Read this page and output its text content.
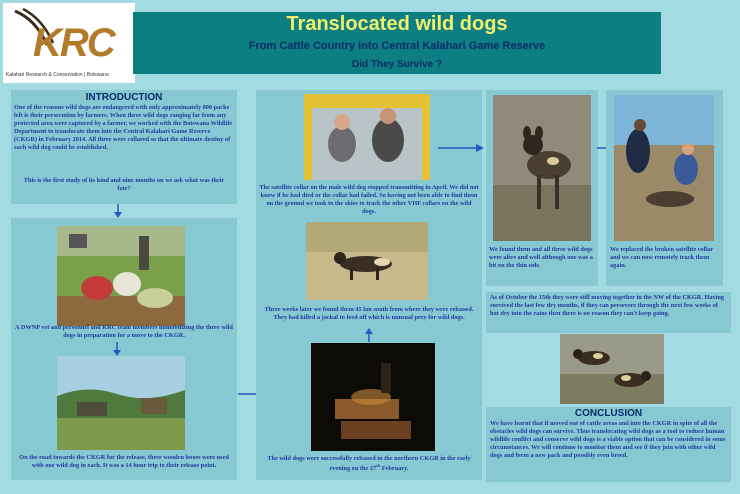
KRC
Kalahari Research & Conservation | Botswana
Translocated wild dogs
From Cattle Country into Central Kalahari Game Reserve
Did They Survive ?
INTRODUCTION
One of the reasons wild dogs are endangered with only approximately 800 packs left is their persecution by farmers. When three wild dogs ranging far from any protected area were captured by a farmer, we worked with the Botswana Wildlife Department to translocate them into the Central Kalahari Game Reserve (CKGR) in February 2014. All three were collared so that the ultimate destiny of each wild dog could be established.
This is the first study of its kind and nine months on we ask what was their fate?
A DWNP vet and personnel and KRC team members immobilizing the three wild dogs in preparation for a move to the CKGR.
On the road towards the CKGR for the release, three wooden boxes were used with one wild dog in each. It was a 14 hour trip to their release point.
The satellite collar on the male wild dog stopped transmitting in April. We did not know if he had died or the collar had failed. So having not been able to find them on the ground we took to the skies to track the other VHF collars on the wild dogs.
Three weeks later we found them 45 km south from where they were released. They had killed a jackal to feed off which is unusual prey for wild dogs.
The wild dogs were successfully released in the northern CKGR in the early evening on the 27th February.
We found them and all three wild dogs were alive and well although one was a bit on the thin side.
We replaced the broken satellite collar and we can now remotely track them again.
As of October the 15th they were still moving together in the NW of the CKGR. Having survived the last few dry months, if they can persevere through the next few weeks of hot dry into the rains then there is no reason they can't keep going.
CONCLUSION
We have learnt that if moved out of cattle areas and into the CKGR in spite of all the obstacles wild dogs can survive. Thus translocating wild dogs as a tool to reduce human wildlife conflict and conserve wild dogs is a viable option that can be considered in some circumstances. We will continue to monitor them and see if they join with other wild dogs and form a new pack and possibly even breed.
